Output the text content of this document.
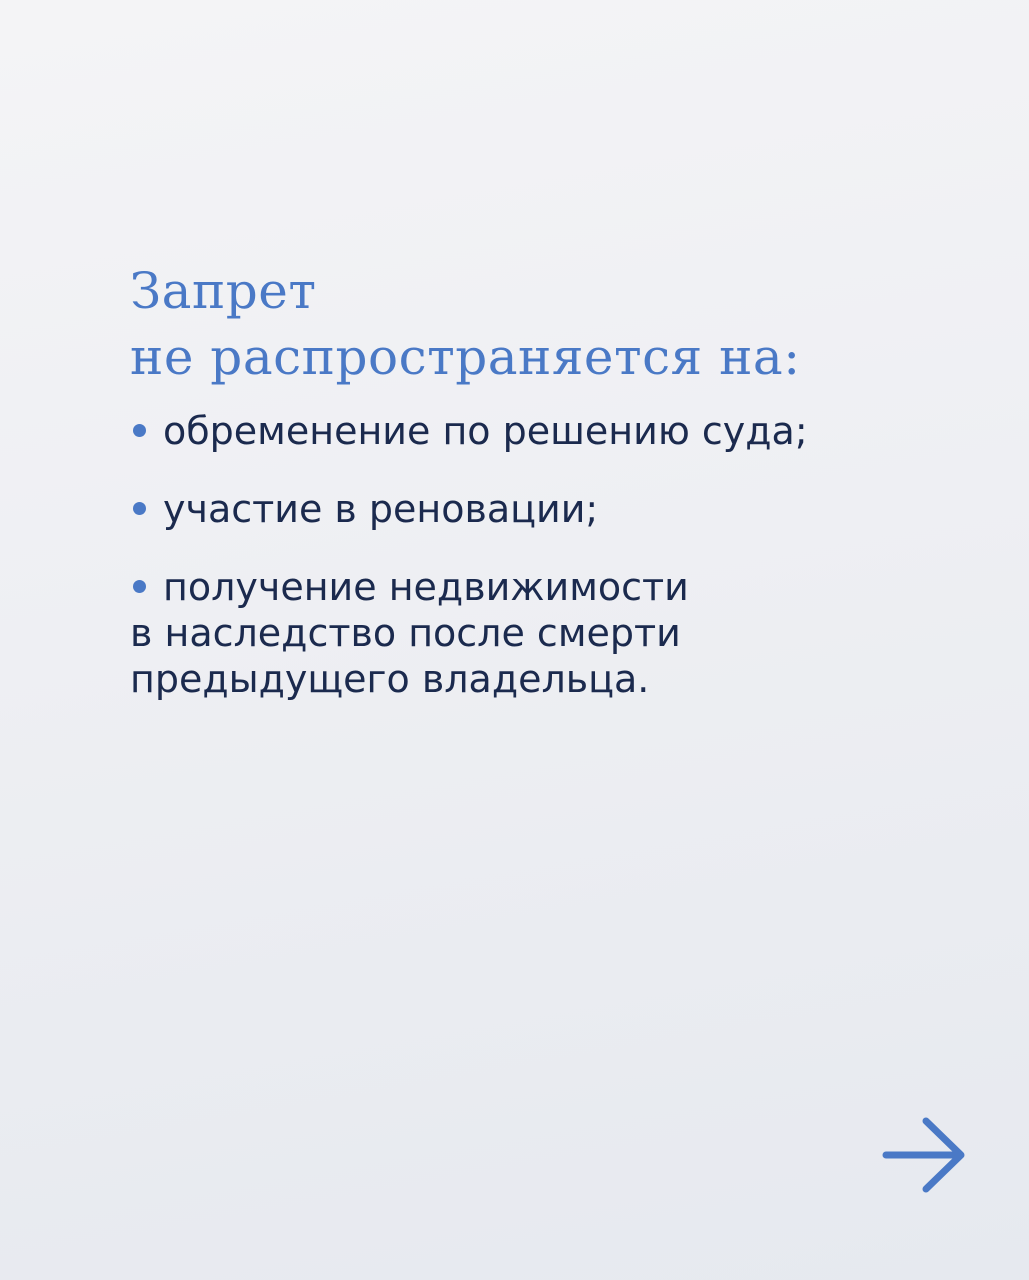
Запрет
не распространяется на:
обременение по решению суда;
участие в реновации;
получение недвижимости
в наследство после смерти
предыдущего владельца.
